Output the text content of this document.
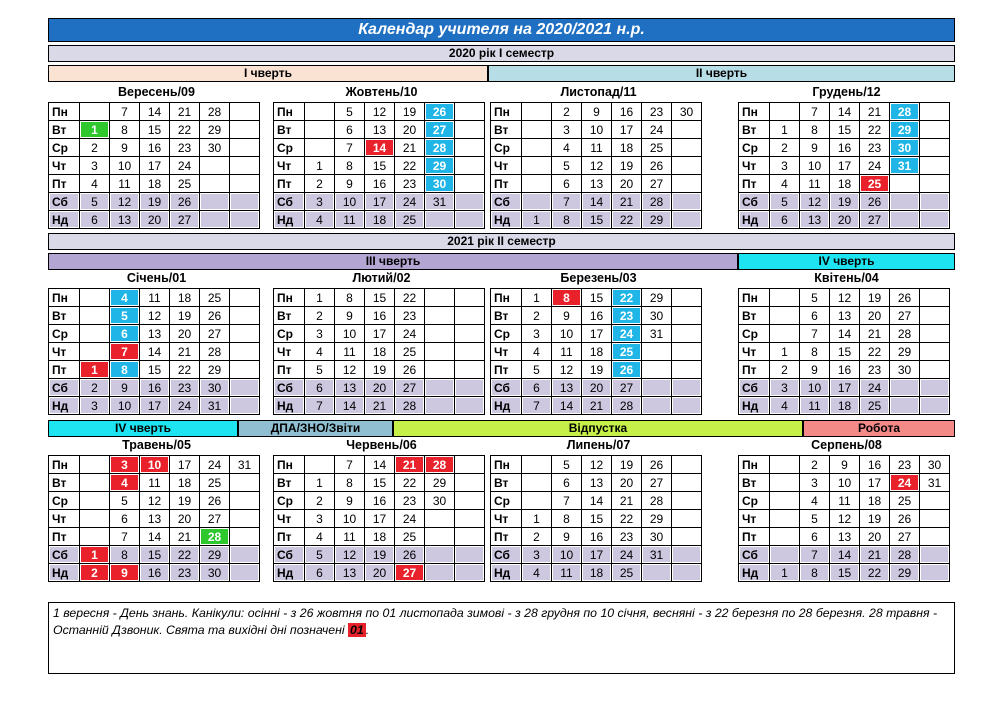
Календар учителя на 2020/2021 н.р.
2020 рік І семестр
І чверть	ІІ чверть
2021 рік ІІ семестр
ІІІ чверть	IV чверть
IV чверть	ДПА/ЗНО/Звіти	Відпустка	Робота
Вересень/09
Пн		7	14	21	28	
Вт	1	8	15	22	29	
Ср	2	9	16	23	30	
Чт	3	10	17	24		
Пт	4	11	18	25		
Сб	5	12	19	26		
Нд	6	13	20	27		
Жовтень/10
Пн		5	12	19	26	
Вт		6	13	20	27	
Ср		7	14	21	28	
Чт	1	8	15	22	29	
Пт	2	9	16	23	30	
Сб	3	10	17	24	31	
Нд	4	11	18	25		
Листопад/11
Пн		2	9	16	23	30
Вт		3	10	17	24	
Ср		4	11	18	25	
Чт		5	12	19	26	
Пт		6	13	20	27	
Сб		7	14	21	28	
Нд	1	8	15	22	29	
Грудень/12
Пн		7	14	21	28	
Вт	1	8	15	22	29	
Ср	2	9	16	23	30	
Чт	3	10	17	24	31	
Пт	4	11	18	25		
Сб	5	12	19	26		
Нд	6	13	20	27		
Січень/01
Пн		4	11	18	25	
Вт		5	12	19	26	
Ср		6	13	20	27	
Чт		7	14	21	28	
Пт	1	8	15	22	29	
Сб	2	9	16	23	30	
Нд	3	10	17	24	31	
Лютий/02
Пн	1	8	15	22		
Вт	2	9	16	23		
Ср	3	10	17	24		
Чт	4	11	18	25		
Пт	5	12	19	26		
Сб	6	13	20	27		
Нд	7	14	21	28		
Березень/03
Пн	1	8	15	22	29	
Вт	2	9	16	23	30	
Ср	3	10	17	24	31	
Чт	4	11	18	25		
Пт	5	12	19	26		
Сб	6	13	20	27		
Нд	7	14	21	28		
Квітень/04
Пн		5	12	19	26	
Вт		6	13	20	27	
Ср		7	14	21	28	
Чт	1	8	15	22	29	
Пт	2	9	16	23	30	
Сб	3	10	17	24		
Нд	4	11	18	25		
Травень/05
Пн		3	10	17	24	31
Вт		4	11	18	25	
Ср		5	12	19	26	
Чт		6	13	20	27	
Пт		7	14	21	28	
Сб	1	8	15	22	29	
Нд	2	9	16	23	30	
Червень/06
Пн		7	14	21	28	
Вт	1	8	15	22	29	
Ср	2	9	16	23	30	
Чт	3	10	17	24		
Пт	4	11	18	25		
Сб	5	12	19	26		
Нд	6	13	20	27		
Липень/07
Пн		5	12	19	26	
Вт		6	13	20	27	
Ср		7	14	21	28	
Чт	1	8	15	22	29	
Пт	2	9	16	23	30	
Сб	3	10	17	24	31	
Нд	4	11	18	25		
Серпень/08
Пн		2	9	16	23	30
Вт		3	10	17	24	31
Ср		4	11	18	25	
Чт		5	12	19	26	
Пт		6	13	20	27	
Сб		7	14	21	28	
Нд	1	8	15	22	29	
1 вересня - День знань. Канікули: осінні - з 26 жовтня по 01 листопада зимові - з 28 грудня по 10 січня, весняні - з 22 березня по 28 березня. 28 травня - Останній Дзвоник. Свята та вихідні дні позначені 01 .
